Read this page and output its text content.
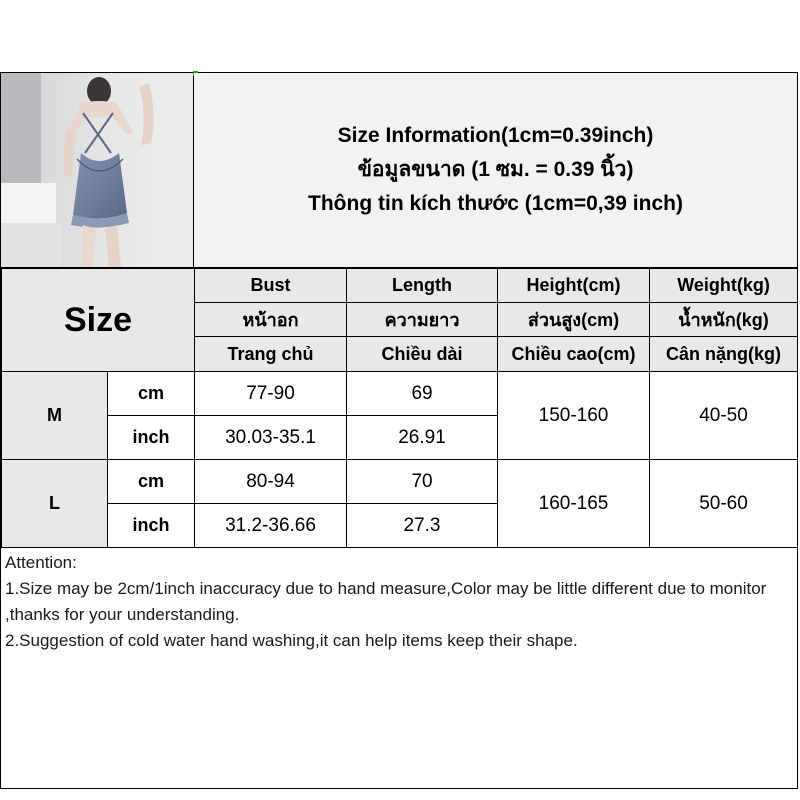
Size Information(1cm=0.39inch)
ข้อมูลขนาด (1 ซม. = 0.39 นิ้ว)
Thông tin kích thước (1cm=0,39 inch)
Size		Bust	Length	Height(cm)	Weight(kg)
		หน้าอก	ความยาว	ส่วนสูง(cm)	น้ำหนัก(kg)
		Trang chủ	Chiều dài	Chiều cao(cm)	Cân nặng(kg)
M	cm	77-90	69	150-160	40-50
	inch	30.03-35.1	26.91		
L	cm	80-94	70	160-165	50-60
	inch	31.2-36.66	27.3		
Attention:
1.Size may be 2cm/1inch inaccuracy due to hand measure,Color may be little different due to monitor ,thanks for your understanding.
2.Suggestion of cold water hand washing,it can help items keep their shape.
